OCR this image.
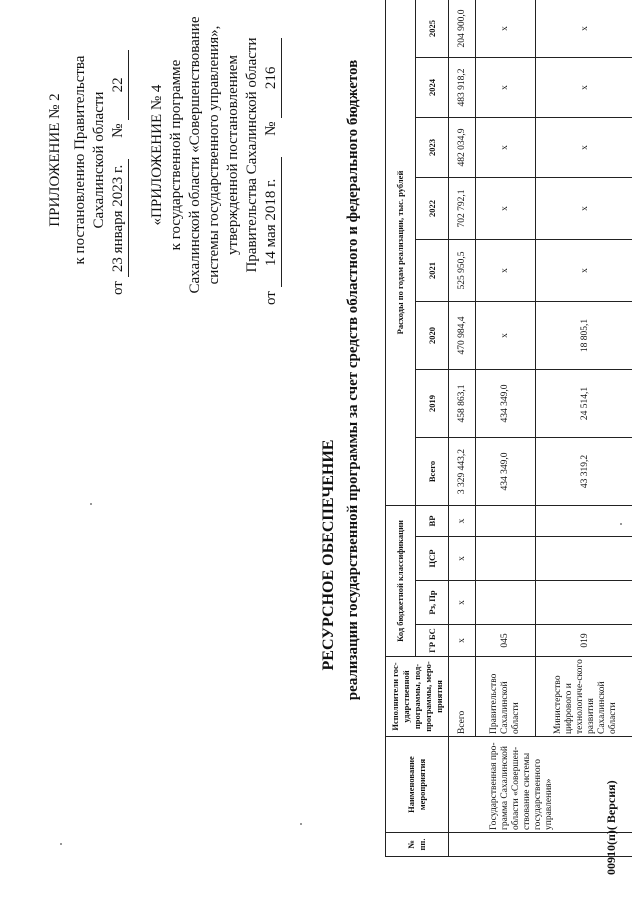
ПРИЛОЖЕНИЕ № 2 к постановлению Правительства Сахалинской области
от 23 января 2023 г.  № 22 «ПРИЛОЖЕНИЕ № 4 к государственной программе Сахалинской области «Совершенствование системы государственного управления», утвержденной постановлением Правительства Сахалинской области
от 14 мая 2018 г.  № 216
РЕСУРСНОЕ ОБЕСПЕЧЕНИЕ реализации государственной программы за счет средств областного и федерального бюджетов
№ пп.	Наименование мероприятия	Исполнители гос-ударственной программы, под-программы, меро-приятия	Код бюджетной классификации				Расходы по годам реализации, тыс. рублей							
			ГР БС	Рз, Пр	ЦСР	ВР	Всего	2019	2020	2021	2022	2023	2024	2025
	Государственная про-грамма Сахалинской области «Совершен-ствование системы государственного управления»	Всего	х	х	х	х	3 329 443,2	458 863,1	470 984,4	525 950,5	702 792,1	482 034,9	483 918,2	204 900,0
		Правительство Сахалинской области	045				434 349,0	434 349,0	х	х	х	х	х	х
		Министерство цифрового и технологиче-ского развития Сахалинской области	019				43 319,2	24 514,1	18 805,1	х	х	х	х	х
00910(п)( Версия)
